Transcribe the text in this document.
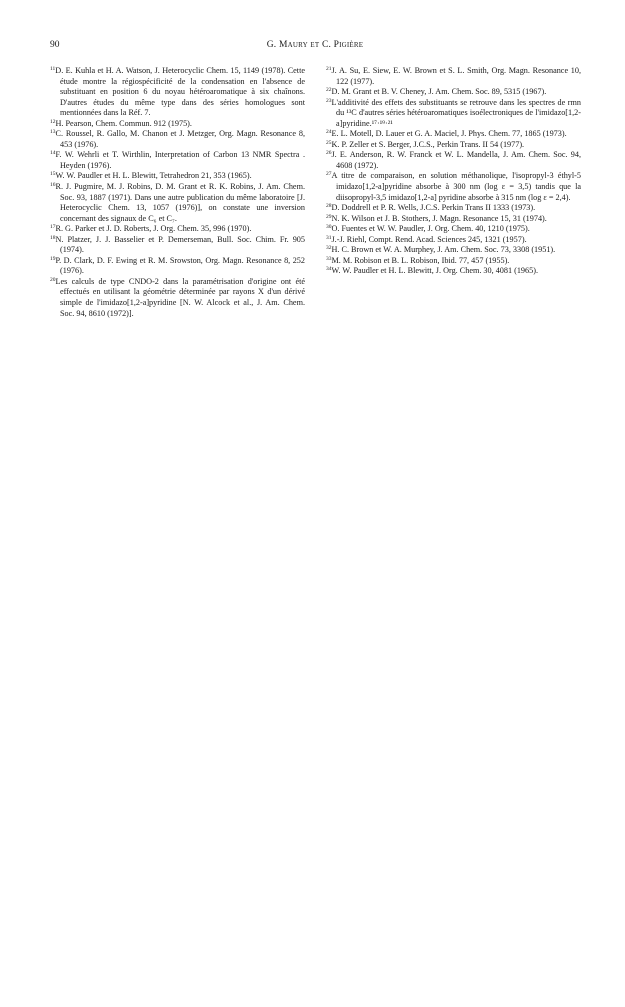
90	G. Maury et C. Pigière

$^{11}$D. E. Kuhla et H. A. Watson, J. Heterocyclic Chem. 15, 1149 (1978). Cette étude montre la régiospécificité de la condensation en l'absence de substituant en position 6 du noyau hétéroaromatique à six chaînons. D'autres études du même type dans des séries homologues sont mentionnées dans la Réf. 7.

$^{12}$H. Pearson, Chem. Commun. 912 (1975).

$^{13}$C. Roussel, R. Gallo, M. Chanon et J. Metzger, Org. Magn. Resonance 8, 453 (1976).

$^{14}$F. W. Wehrli et T. Wirthlin, Interpretation of Carbon 13 NMR Spectra . Heyden (1976).

$^{15}$W. W. Paudler et H. L. Blewitt, Tetrahedron 21, 353 (1965).

$^{16}$R. J. Pugmire, M. J. Robins, D. M. Grant et R. K. Robins, J. Am. Chem. Soc. 93, 1887 (1971). Dans une autre publication du même laboratoire [J. Heterocyclic Chem. 13, 1057 (1976)], on constate une inversion concernant des signaux de C₆ et C₇.

$^{17}$R. G. Parker et J. D. Roberts, J. Org. Chem. 35, 996 (1970).

$^{18}$N. Platzer, J. J. Basselier et P. Demerseman, Bull. Soc. Chim. Fr. 905 (1974).

$^{19}$P. D. Clark, D. F. Ewing et R. M. Srowston, Org. Magn. Resonance 8, 252 (1976).

$^{20}$Les calculs de type CNDO-2 dans la paramétrisation d'origine ont été effectués en utilisant la géométrie déterminée par rayons X d'un dérivé simple de l'imidazo[1,2-a]pyridine [N. W. Alcock et al., J. Am. Chem. Soc. 94, 8610 (1972)].

$^{21}$J. A. Su, E. Siew, E. W. Brown et S. L. Smith, Org. Magn. Resonance 10, 122 (1977).

$^{22}$D. M. Grant et B. V. Cheney, J. Am. Chem. Soc. 89, 5315 (1967).

$^{23}$L'additivité des effets des substituants se retrouve dans les spectres de rmn du ¹³C d'autres séries hétéroaromatiques isoélectroniques de l'imidazo[1,2-a]pyridine.¹⁷·¹⁹·²¹

$^{24}$E. L. Motell, D. Lauer et G. A. Maciel, J. Phys. Chem. 77, 1865 (1973).

$^{25}$K. P. Zeller et S. Berger, J.C.S., Perkin Trans. II 54 (1977).

$^{26}$J. E. Anderson, R. W. Franck et W. L. Mandella, J. Am. Chem. Soc. 94, 4608 (1972).

$^{27}$A titre de comparaison, en solution méthanolique, l'isopropyl-3 éthyl-5 imidazo[1,2-a]pyridine absorbe à 300 nm (log ε = 3,5) tandis que la diisopropyl-3,5 imidazo[1,2-a] pyridine absorbe à 315 nm (log ε = 2,4).

$^{28}$D. Doddrell et P. R. Wells, J.C.S. Perkin Trans II 1333 (1973).

$^{29}$N. K. Wilson et J. B. Stothers, J. Magn. Resonance 15, 31 (1974).

$^{30}$O. Fuentes et W. W. Paudler, J. Org. Chem. 40, 1210 (1975).

$^{31}$J.-J. Riehl, Compt. Rend. Acad. Sciences 245, 1321 (1957).

$^{32}$H. C. Brown et W. A. Murphey, J. Am. Chem. Soc. 73, 3308 (1951).

$^{33}$M. M. Robison et B. L. Robison, Ibid. 77, 457 (1955).

$^{34}$W. W. Paudler et H. L. Blewitt, J. Org. Chem. 30, 4081 (1965).
